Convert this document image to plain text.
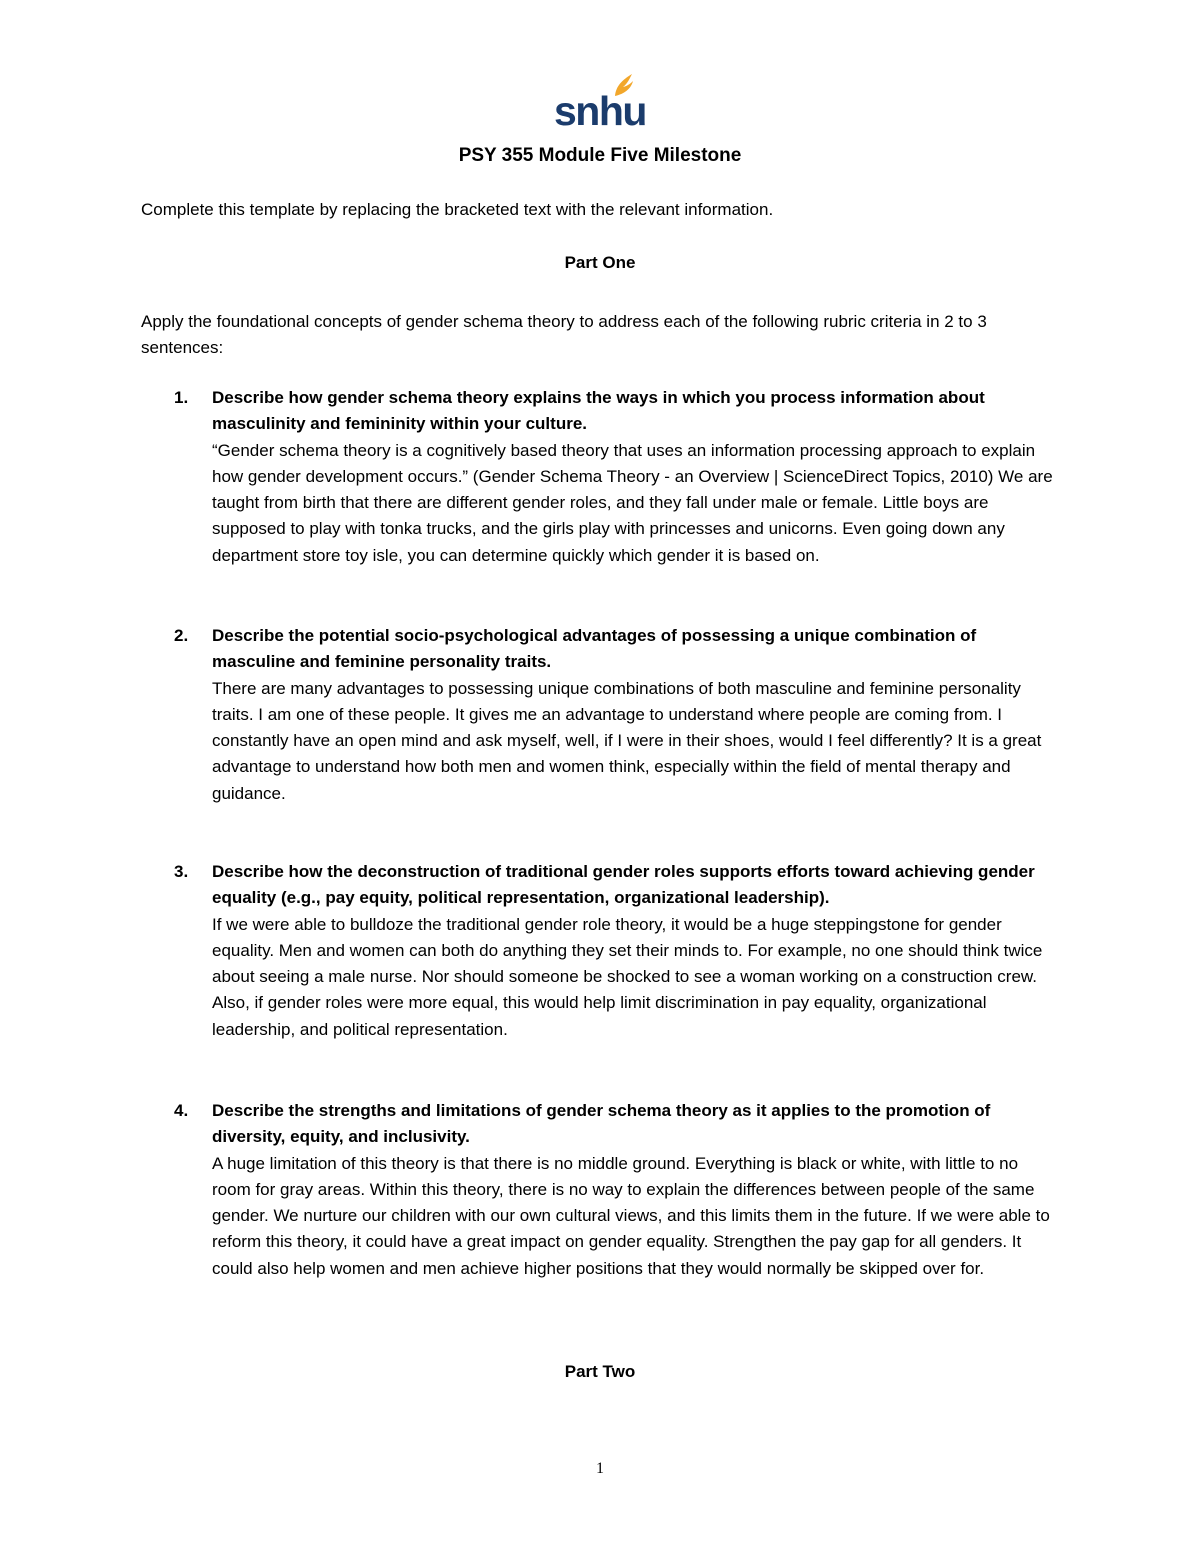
snhu
PSY 355 Module Five Milestone
Complete this template by replacing the bracketed text with the relevant information.
Part One
Apply the foundational concepts of gender schema theory to address each of the following rubric criteria in 2 to 3 sentences:
1. Describe how gender schema theory explains the ways in which you process information about masculinity and femininity within your culture.
“Gender schema theory is a cognitively based theory that uses an information processing approach to explain how gender development occurs.” (Gender Schema Theory - an Overview | ScienceDirect Topics, 2010) We are taught from birth that there are different gender roles, and they fall under male or female. Little boys are supposed to play with tonka trucks, and the girls play with princesses and unicorns. Even going down any department store toy isle, you can determine quickly which gender it is based on.
2. Describe the potential socio-psychological advantages of possessing a unique combination of masculine and feminine personality traits.
There are many advantages to possessing unique combinations of both masculine and feminine personality traits. I am one of these people. It gives me an advantage to understand where people are coming from. I constantly have an open mind and ask myself, well, if I were in their shoes, would I feel differently? It is a great advantage to understand how both men and women think, especially within the field of mental therapy and guidance.
3. Describe how the deconstruction of traditional gender roles supports efforts toward achieving gender equality (e.g., pay equity, political representation, organizational leadership).
If we were able to bulldoze the traditional gender role theory, it would be a huge steppingstone for gender equality. Men and women can both do anything they set their minds to. For example, no one should think twice about seeing a male nurse. Nor should someone be shocked to see a woman working on a construction crew. Also, if gender roles were more equal, this would help limit discrimination in pay equality, organizational leadership, and political representation.
4. Describe the strengths and limitations of gender schema theory as it applies to the promotion of diversity, equity, and inclusivity.
A huge limitation of this theory is that there is no middle ground. Everything is black or white, with little to no room for gray areas. Within this theory, there is no way to explain the differences between people of the same gender. We nurture our children with our own cultural views, and this limits them in the future. If we were able to reform this theory, it could have a great impact on gender equality. Strengthen the pay gap for all genders. It could also help women and men achieve higher positions that they would normally be skipped over for.
Part Two
1
